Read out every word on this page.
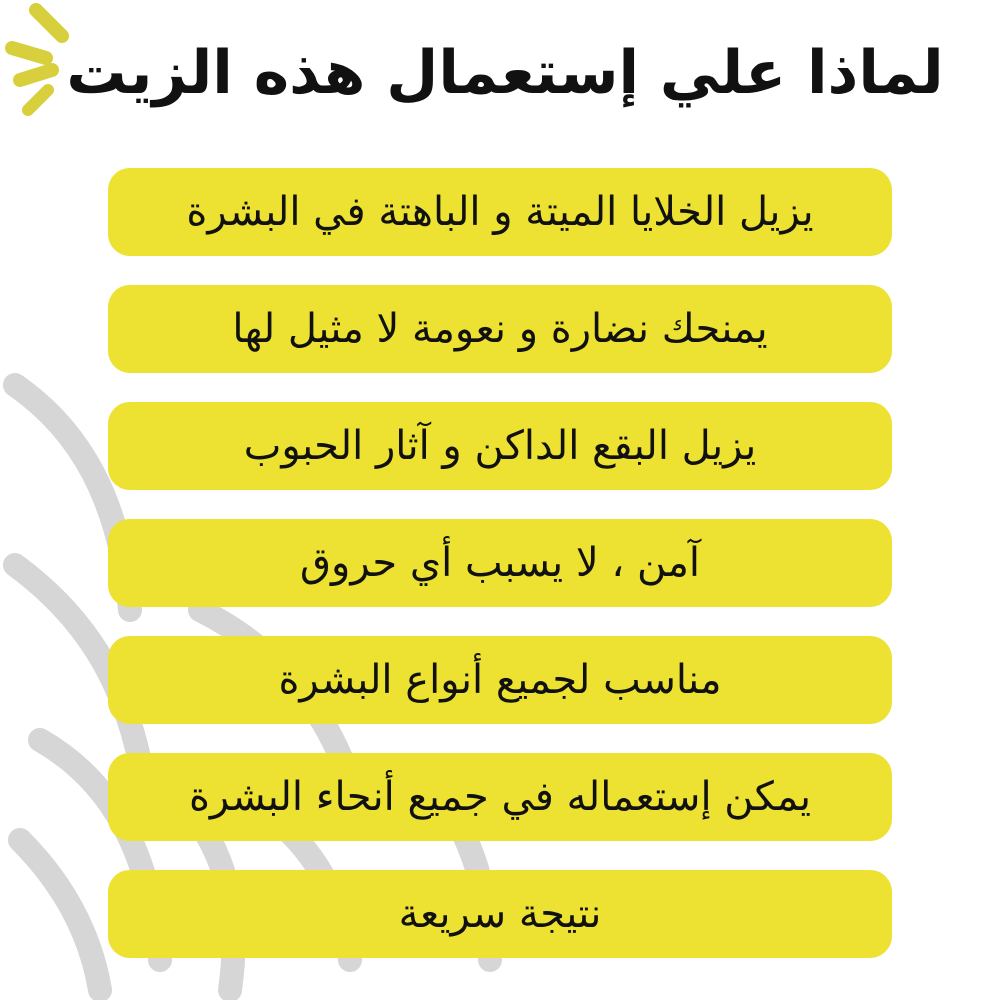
لماذا علي إستعمال هذه الزيت
يزيل الخلايا الميتة و الباهتة في البشرة
يمنحك نضارة و نعومة لا مثيل لها
يزيل البقع الداكن و آثار الحبوب
آمن ، لا يسبب أي حروق
مناسب لجميع أنواع البشرة
يمكن إستعماله في جميع أنحاء البشرة
نتيجة سريعة
